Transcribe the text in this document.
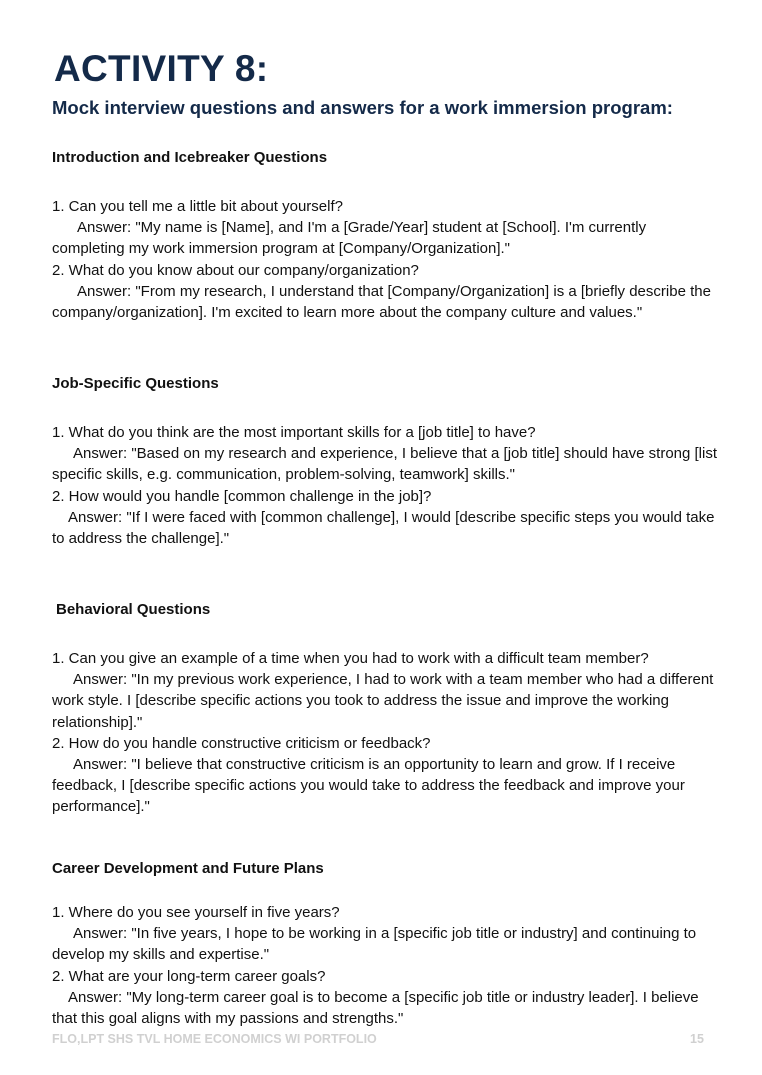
ACTIVITY 8:
Mock interview questions and answers for a work immersion program:
Introduction and Icebreaker Questions

1. Can you tell me a little bit about yourself?

Answer: "My name is [Name], and I'm a [Grade/Year] student at [School]. I'm currently completing my work immersion program at [Company/Organization]."

2. What do you know about our company/organization?

Answer: "From my research, I understand that [Company/Organization] is a [briefly describe the company/organization]. I'm excited to learn more about the company culture and values."

Job-Specific Questions

1. What do you think are the most important skills for a [job title] to have?

Answer: "Based on my research and experience, I believe that a [job title] should have strong [list specific skills, e.g. communication, problem-solving, teamwork] skills."

2. How would you handle [common challenge in the job]?

Answer: "If I were faced with [common challenge], I would [describe specific steps you would take to address the challenge]."

Behavioral Questions

1. Can you give an example of a time when you had to work with a difficult team member?

Answer: "In my previous work experience, I had to work with a team member who had a different work style. I [describe specific actions you took to address the issue and improve the working relationship]."

2. How do you handle constructive criticism or feedback?

Answer: "I believe that constructive criticism is an opportunity to learn and grow. If I receive feedback, I [describe specific actions you would take to address the feedback and improve your performance]."

Career Development and Future Plans

1. Where do you see yourself in five years?

Answer: "In five years, I hope to be working in a [specific job title or industry] and continuing to develop my skills and expertise."

2. What are your long-term career goals?

Answer: "My long-term career goal is to become a [specific job title or industry leader]. I believe that this goal aligns with my passions and strengths."

FLO,LPT SHS TVL HOME ECONOMICS WI PORTFOLIO	15
